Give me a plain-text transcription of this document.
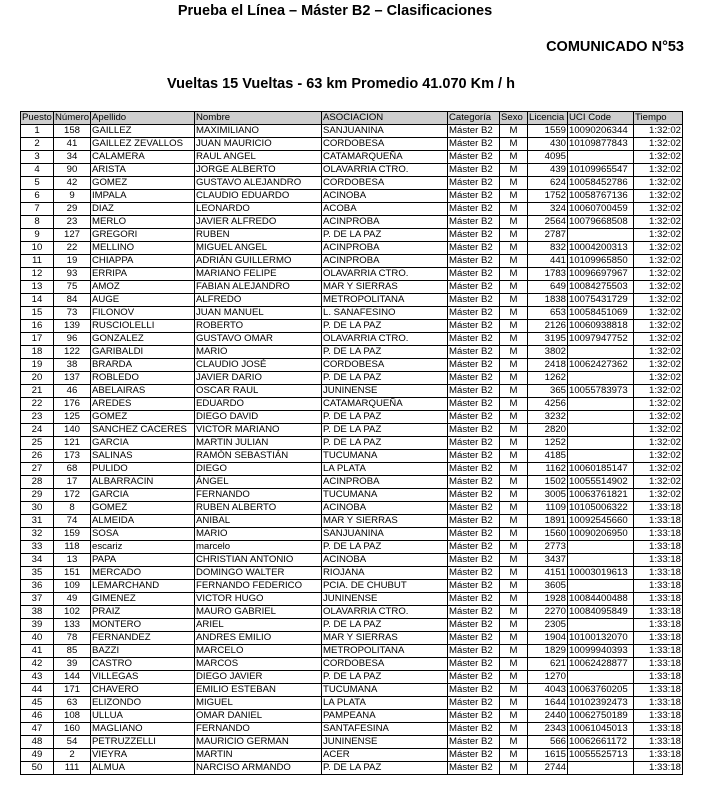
Prueba el Línea – Máster B2 – Clasificaciones
COMUNICADO N°53
Vueltas 15 Vueltas - 63 km Promedio 41.070 Km / h
Puesto	Número	Apellido	Nombre	ASOCIACION	Categoría	Sexo	Licencia	UCI Code	Tiempo
1	158	GAILLEZ	MAXIMILIANO	SANJUANINA	Máster B2	M	1559	10090206344	1:32:02
2	41	GAILLEZ ZEVALLOS	JUAN MAURICIO	CORDOBESA	Máster B2	M	430	10109877843	1:32:02
3	34	CALAMERA	RAUL ANGEL	CATAMARQUEÑA	Máster B2	M	4095		1:32:02
4	90	ARISTA	JORGE ALBERTO	OLAVARRIA CTRO.	Máster B2	M	439	10109965547	1:32:02
5	42	GOMEZ	GUSTAVO ALEJANDRO	CORDOBESA	Máster B2	M	624	10058452786	1:32:02
6	9	IMPALA	CLAUDIO EDUARDO	ACINOBA	Máster B2	M	1752	10058767136	1:32:02
7	29	DIAZ	LEONARDO	ACOBA	Máster B2	M	324	10060700459	1:32:02
8	23	MERLO	JAVIER ALFREDO	ACINPROBA	Máster B2	M	2564	10079668508	1:32:02
9	127	GREGORI	RUBEN	P. DE LA PAZ	Máster B2	M	2787		1:32:02
10	22	MELLINO	MIGUEL ANGEL	ACINPROBA	Máster B2	M	832	10004200313	1:32:02
11	19	CHIAPPA	ADRIÁN GUILLERMO	ACINPROBA	Máster B2	M	441	10109965850	1:32:02
12	93	ERRIPA	MARIANO FELIPE	OLAVARRIA CTRO.	Máster B2	M	1783	10096697967	1:32:02
13	75	AMOZ	FABIAN ALEJANDRO	MAR Y SIERRAS	Máster B2	M	649	10084275503	1:32:02
14	84	AUGE	ALFREDO	METROPOLITANA	Máster B2	M	1838	10075431729	1:32:02
15	73	FILONOV	JUAN MANUEL	L. SANAFESINO	Máster B2	M	653	10058451069	1:32:02
16	139	RUSCIOLELLI	ROBERTO	P. DE LA PAZ	Máster B2	M	2126	10060938818	1:32:02
17	96	GONZALEZ	GUSTAVO OMAR	OLAVARRIA CTRO.	Máster B2	M	3195	10097947752	1:32:02
18	122	GARIBALDI	MARIO	P. DE LA PAZ	Máster B2	M	3802		1:32:02
19	38	BRARDA	CLAUDIO JOSÉ	CORDOBESA	Máster B2	M	2418	10062427362	1:32:02
20	137	ROBLEDO	JAVIER DARIO	P. DE LA PAZ	Máster B2	M	1262		1:32:02
21	46	ABELAIRAS	OSCAR RAUL	JUNINENSE	Máster B2	M	365	10055783973	1:32:02
22	176	AREDES	EDUARDO	CATAMARQUEÑA	Máster B2	M	4256		1:32:02
23	125	GOMEZ	DIEGO DAVID	P. DE LA PAZ	Máster B2	M	3232		1:32:02
24	140	SANCHEZ CACERES	VICTOR MARIANO	P. DE LA PAZ	Máster B2	M	2820		1:32:02
25	121	GARCIA	MARTIN JULIAN	P. DE LA PAZ	Máster B2	M	1252		1:32:02
26	173	SALINAS	RAMÓN SEBASTIÁN	TUCUMANA	Máster B2	M	4185		1:32:02
27	68	PULIDO	DIEGO	LA PLATA	Máster B2	M	1162	10060185147	1:32:02
28	17	ALBARRACIN	ÁNGEL	ACINPROBA	Máster B2	M	1502	10055514902	1:32:02
29	172	GARCIA	FERNANDO	TUCUMANA	Máster B2	M	3005	10063761821	1:32:02
30	8	GOMEZ	RUBEN ALBERTO	ACINOBA	Máster B2	M	1109	10105006322	1:33:18
31	74	ALMEIDA	ANIBAL	MAR Y SIERRAS	Máster B2	M	1891	10092545660	1:33:18
32	159	SOSA	MARIO	SANJUANINA	Máster B2	M	1560	10090206950	1:33:18
33	118	escariz	marcelo	P. DE LA PAZ	Máster B2	M	2773		1:33:18
34	13	PAPA	CHRISTIAN ANTONIO	ACINOBA	Máster B2	M	3437		1:33:18
35	151	MERCADO	DOMINGO WALTER	RIOJANA	Máster B2	M	4151	10003019613	1:33:18
36	109	LEMARCHAND	FERNANDO FEDERICO	PCIA. DE CHUBUT	Máster B2	M	3605		1:33:18
37	49	GIMENEZ	VICTOR HUGO	JUNINENSE	Máster B2	M	1928	10084400488	1:33:18
38	102	PRAIZ	MAURO GABRIEL	OLAVARRIA CTRO.	Máster B2	M	2270	10084095849	1:33:18
39	133	MONTERO	ARIEL	P. DE LA PAZ	Máster B2	M	2305		1:33:18
40	78	FERNANDEZ	ANDRES EMILIO	MAR Y SIERRAS	Máster B2	M	1904	10100132070	1:33:18
41	85	BAZZI	MARCELO	METROPOLITANA	Máster B2	M	1829	10099940393	1:33:18
42	39	CASTRO	MARCOS	CORDOBESA	Máster B2	M	621	10062428877	1:33:18
43	144	VILLEGAS	DIEGO JAVIER	P. DE LA PAZ	Máster B2	M	1270		1:33:18
44	171	CHAVERO	EMILIO ESTEBAN	TUCUMANA	Máster B2	M	4043	10063760205	1:33:18
45	63	ELIZONDO	MIGUEL	LA PLATA	Máster B2	M	1644	10102392473	1:33:18
46	108	ULLUA	OMAR DANIEL	PAMPEANA	Máster B2	M	2440	10062750189	1:33:18
47	160	MAGLIANO	FERNANDO	SANTAFESINA	Máster B2	M	2343	10061045013	1:33:18
48	54	PETRUZZELLI	MAURICIO GERMAN	JUNINENSE	Máster B2	M	566	10062661172	1:33:18
49	2	VIEYRA	MARTIN	ACER	Máster B2	M	1615	10055525713	1:33:18
50	111	ALMUA	NARCISO ARMANDO	P. DE LA PAZ	Máster B2	M	2744		1:33:18
